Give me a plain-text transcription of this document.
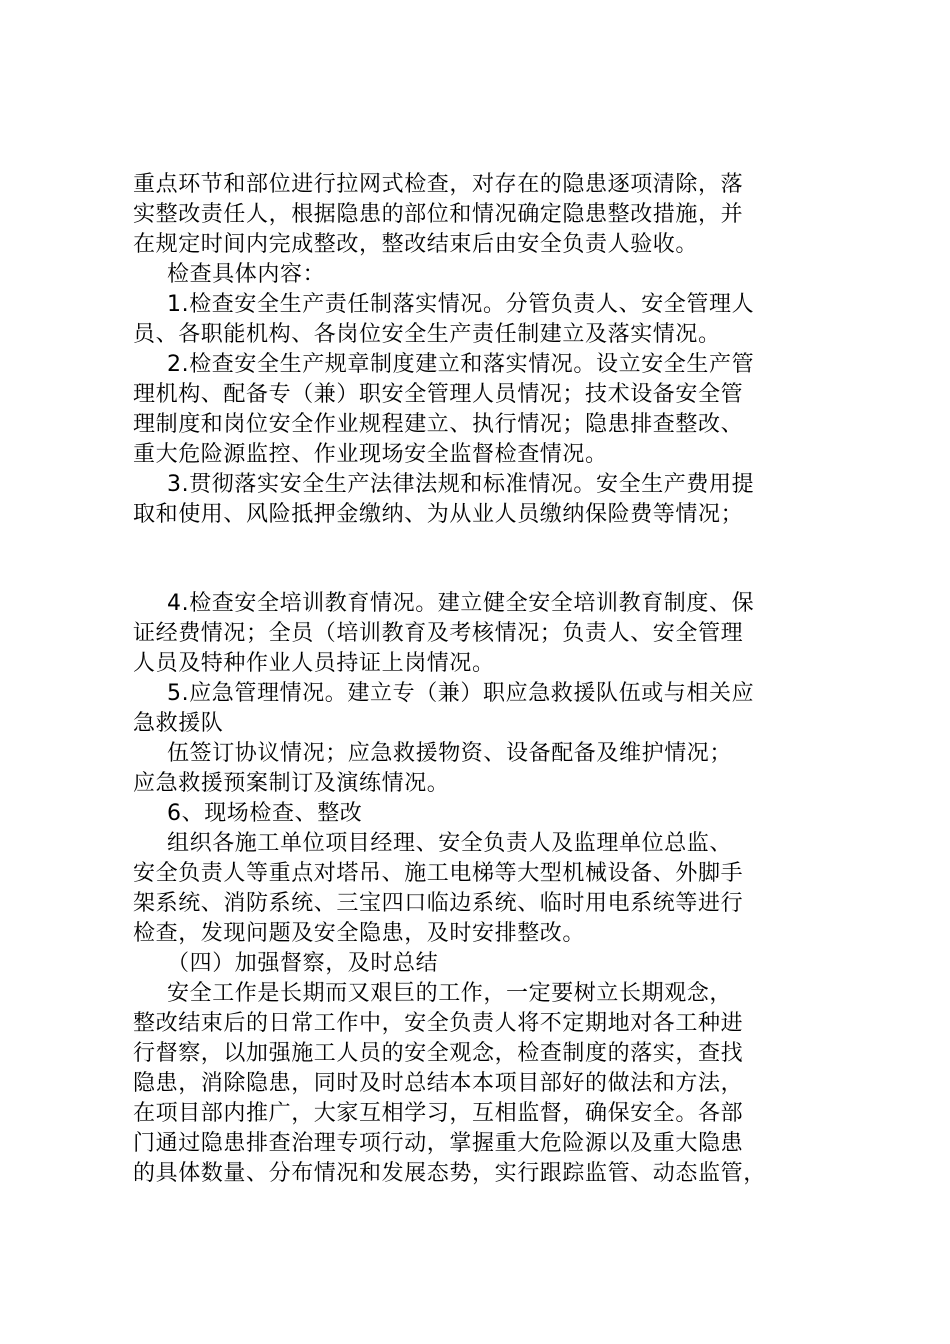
重点环节和部位进行拉网式检查，对存在的隐患逐项清除，落
实整改责任人，根据隐患的部位和情况确定隐患整改措施，并
在规定时间内完成整改，整改结束后由安全负责人验收。
检查具体内容：
1.检查安全生产责任制落实情况。分管负责人、安全管理人
员、各职能机构、各岗位安全生产责任制建立及落实情况。
2.检查安全生产规章制度建立和落实情况。设立安全生产管
理机构、配备专（兼）职安全管理人员情况；技术设备安全管
理制度和岗位安全作业规程建立、执行情况；隐患排查整改、
重大危险源监控、作业现场安全监督检查情况。
3.贯彻落实安全生产法律法规和标准情况。安全生产费用提
取和使用、风险抵押金缴纳、为从业人员缴纳保险费等情况；
4.检查安全培训教育情况。建立健全安全培训教育制度、保
证经费情况；全员（培训教育及考核情况；负责人、安全管理
人员及特种作业人员持证上岗情况。
5.应急管理情况。建立专（兼）职应急救援队伍或与相关应
急救援队
伍签订协议情况；应急救援物资、设备配备及维护情况；
应急救援预案制订及演练情况。
6、现场检查、整改
组织各施工单位项目经理、安全负责人及监理单位总监、
安全负责人等重点对塔吊、施工电梯等大型机械设备、外脚手
架系统、消防系统、三宝四口临边系统、临时用电系统等进行
检查，发现问题及安全隐患，及时安排整改。
（四）加强督察，及时总结
安全工作是长期而又艰巨的工作，一定要树立长期观念，
整改结束后的日常工作中，安全负责人将不定期地对各工种进
行督察，以加强施工人员的安全观念，检查制度的落实，查找
隐患，消除隐患，同时及时总结本本项目部好的做法和方法，
在项目部内推广，大家互相学习，互相监督，确保安全。各部
门通过隐患排查治理专项行动，掌握重大危险源以及重大隐患
的具体数量、分布情况和发展态势，实行跟踪监管、动态监管，
